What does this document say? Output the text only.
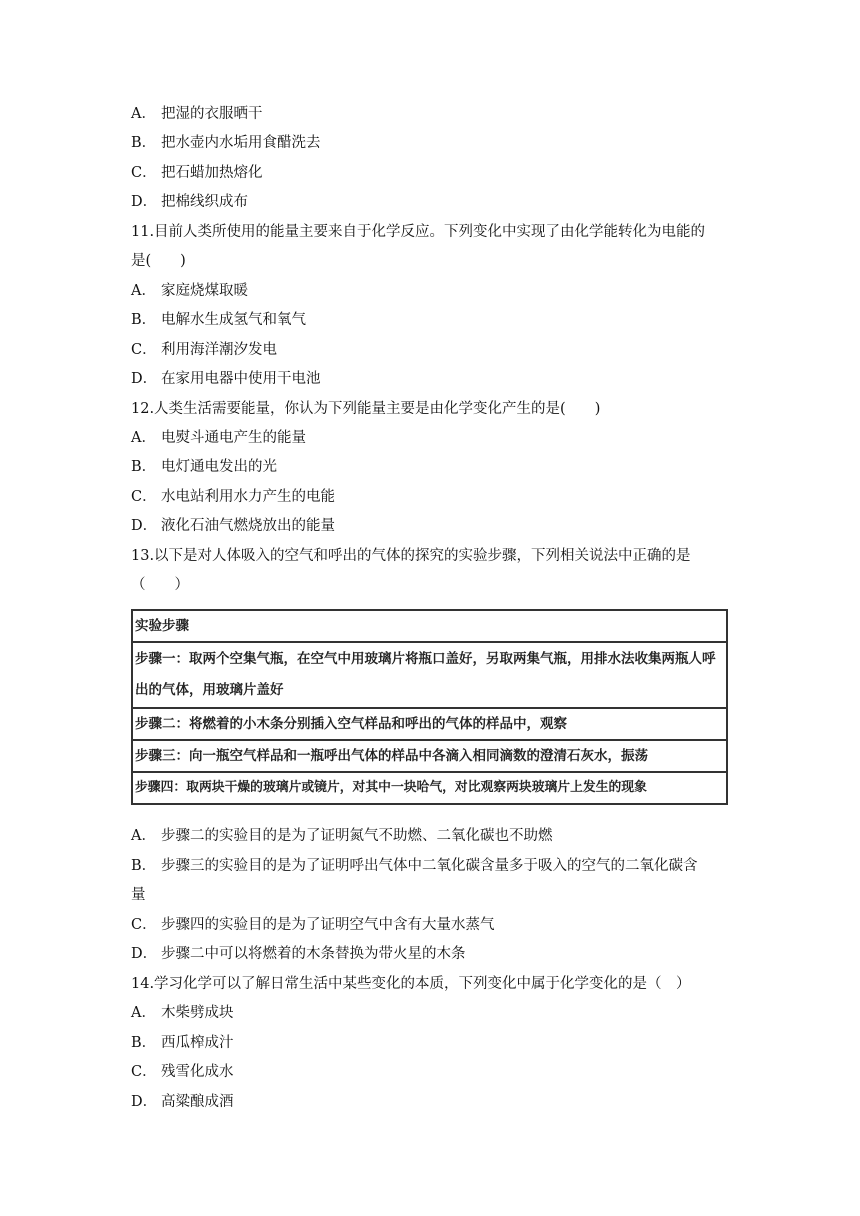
A． 把湿的衣服晒干
B． 把水壶内水垢用食醋洗去
C． 把石蜡加热熔化
D． 把棉线织成布
11.目前人类所使用的能量主要来自于化学反应。下列变化中实现了由化学能转化为电能的
是(　　)
A． 家庭烧煤取暖
B． 电解水生成氢气和氧气
C． 利用海洋潮汐发电
D． 在家用电器中使用干电池
12.人类生活需要能量，你认为下列能量主要是由化学变化产生的是(　　)
A． 电熨斗通电产生的能量
B． 电灯通电发出的光
C． 水电站利用水力产生的电能
D． 液化石油气燃烧放出的能量
13.以下是对人体吸入的空气和呼出的气体的探究的实验步骤，下列相关说法中正确的是
（　　）
实验步骤
步骤一：取两个空集气瓶，在空气中用玻璃片将瓶口盖好，另取两集气瓶，用排水法收集两瓶人呼出的气体，用玻璃片盖好
步骤二：将燃着的小木条分别插入空气样品和呼出的气体的样品中，观察
步骤三：向一瓶空气样品和一瓶呼出气体的样品中各滴入相同滴数的澄清石灰水，振荡
步骤四：取两块干燥的玻璃片或镜片，对其中一块哈气，对比观察两块玻璃片上发生的现象
A． 步骤二的实验目的是为了证明氮气不助燃、二氧化碳也不助燃
B． 步骤三的实验目的是为了证明呼出气体中二氧化碳含量多于吸入的空气的二氧化碳含
量
C． 步骤四的实验目的是为了证明空气中含有大量水蒸气
D． 步骤二中可以将燃着的木条替换为带火星的木条
14.学习化学可以了解日常生活中某些变化的本质，下列变化中属于化学变化的是（　）
A． 木柴劈成块
B． 西瓜榨成汁
C． 残雪化成水
D． 高粱酿成酒
